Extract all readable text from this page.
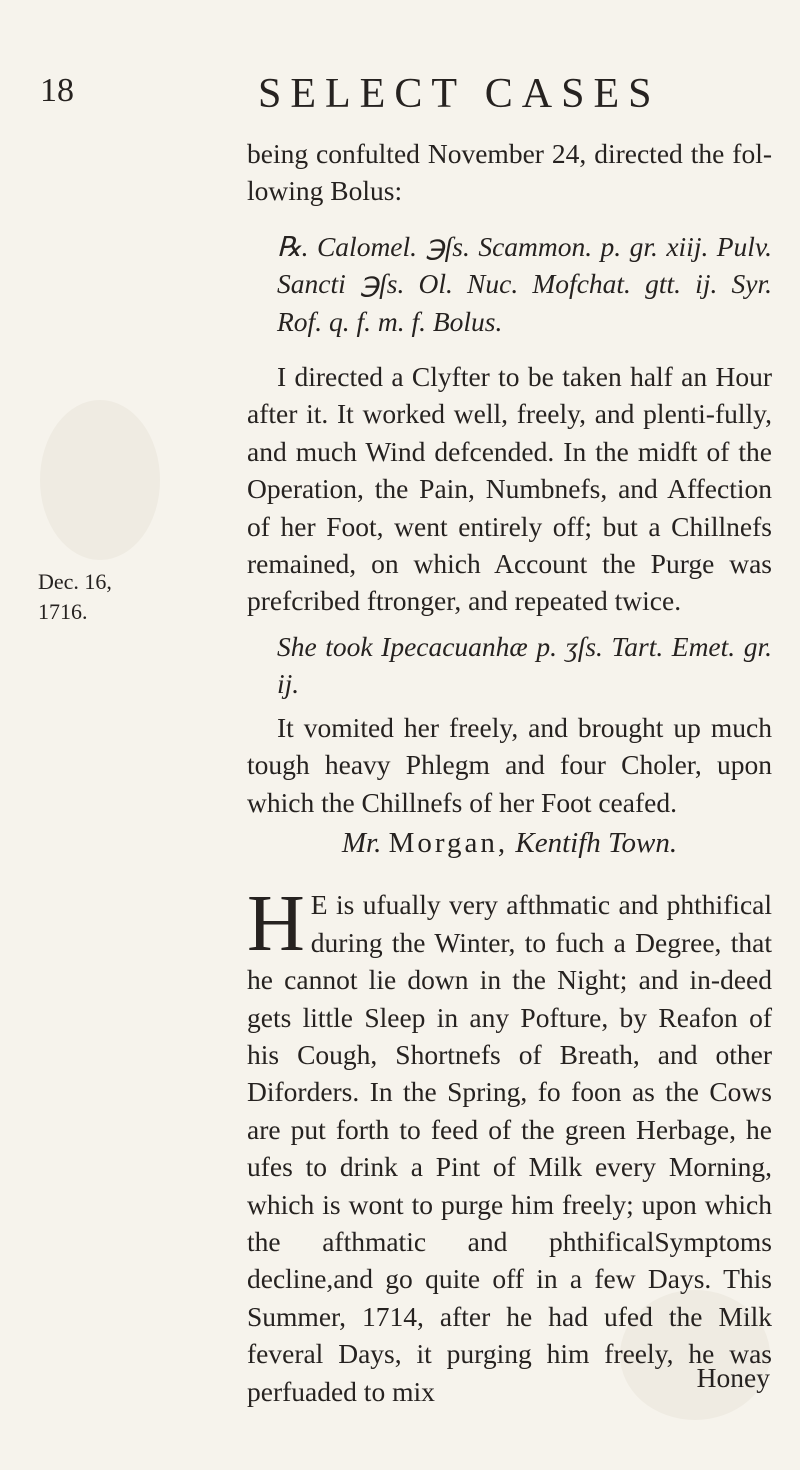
18	SELECT CASES
Dec. 16,
1716.

being confulted November 24, directed the fol-lowing Bolus:

℞. Calomel. ℈ſs. Scammon. p. gr. xiij. Pulv. Sancti ℈ſs. Ol. Nuc. Mofchat. gtt. ij. Syr. Rof. q. f. m. f. Bolus.

I directed a Clyfter to be taken half an Hour after it. It worked well, freely, and plenti-fully, and much Wind defcended. In the midft of the Operation, the Pain, Numbnefs, and Affection of her Foot, went entirely off; but a Chillnefs remained, on which Account the Purge was prefcribed ftronger, and repeated twice.

She took Ipecacuanhæ p. ʒſs. Tart. Emet. gr. ij.

It vomited her freely, and brought up much tough heavy Phlegm and four Choler, upon which the Chillnefs of her Foot ceafed.

Mr. Morgan, Kentifh Town.

H E is ufually very afthmatic and phthifical during the Winter, to fuch a Degree, that he cannot lie down in the Night; and in-deed gets little Sleep in any Pofture, by Reafon of his Cough, Shortnefs of Breath, and other Diforders. In the Spring, fo foon as the Cows are put forth to feed of the green Herbage, he ufes to drink a Pint of Milk every Morning, which is wont to purge him freely; upon which the afthmatic and phthificalSymptoms decline,and go quite off in a few Days. This Summer, 1714, after he had ufed the Milk feveral Days, it purging him freely, he was perfuaded to mix	Honey
